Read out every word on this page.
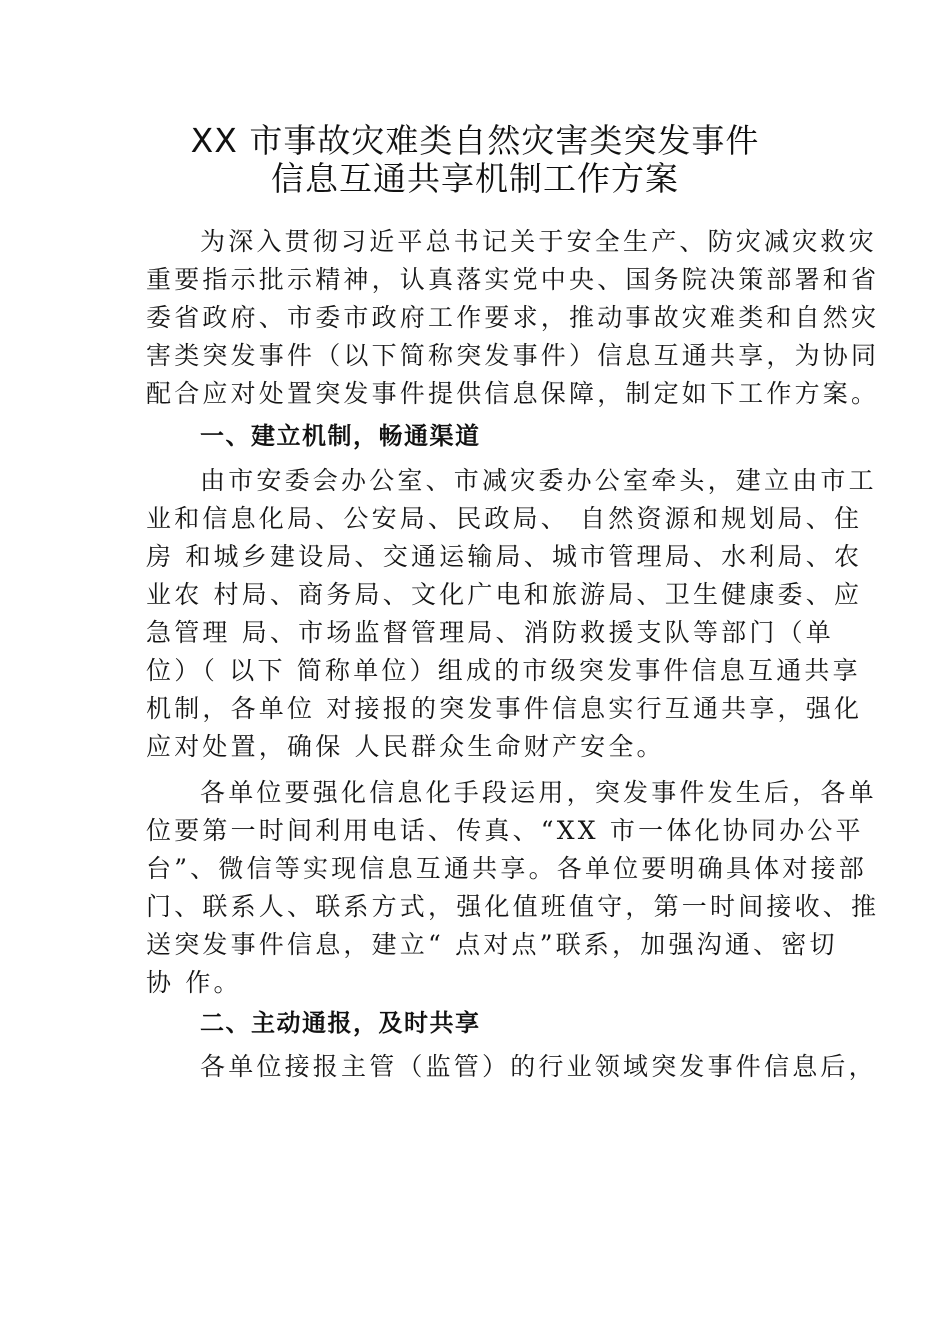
XX 市事故灾难类自然灾害类突发事件
信息互通共享机制工作方案
为深入贯彻习近平总书记关于安全生产、防灾减灾救灾
重要指示批示精神，认真落实党中央、国务院决策部署和省
委省政府、市委市政府工作要求，推动事故灾难类和自然灾
害类突发事件（以下简称突发事件）信息互通共享，为协同
配合应对处置突发事件提供信息保障，制定如下工作方案。
一、建立机制，畅通渠道
由市安委会办公室、市减灾委办公室牵头，建立由市工
业和信息化局、公安局、民政局、 自然资源和规划局、住
房 和城乡建设局、交通运输局、城市管理局、水利局、农
业农 村局、商务局、文化广电和旅游局、卫生健康委、应
急管理 局、市场监督管理局、消防救援支队等部门（单
位）（ 以下 简称单位）组成的市级突发事件信息互通共享
机制，各单位 对接报的突发事件信息实行互通共享，强化
应对处置，确保 人民群众生命财产安全。
各单位要强化信息化手段运用，突发事件发生后，各单
位要第一时间利用电话、传真、“XX 市一体化协同办公平
台”、微信等实现信息互通共享。各单位要明确具体对接部
门、联系人、联系方式，强化值班值守，第一时间接收、推
送突发事件信息，建立“ 点对点”联系，加强沟通、密切
协 作。
二、主动通报，及时共享
各单位接报主管（监管）的行业领域突发事件信息后，
